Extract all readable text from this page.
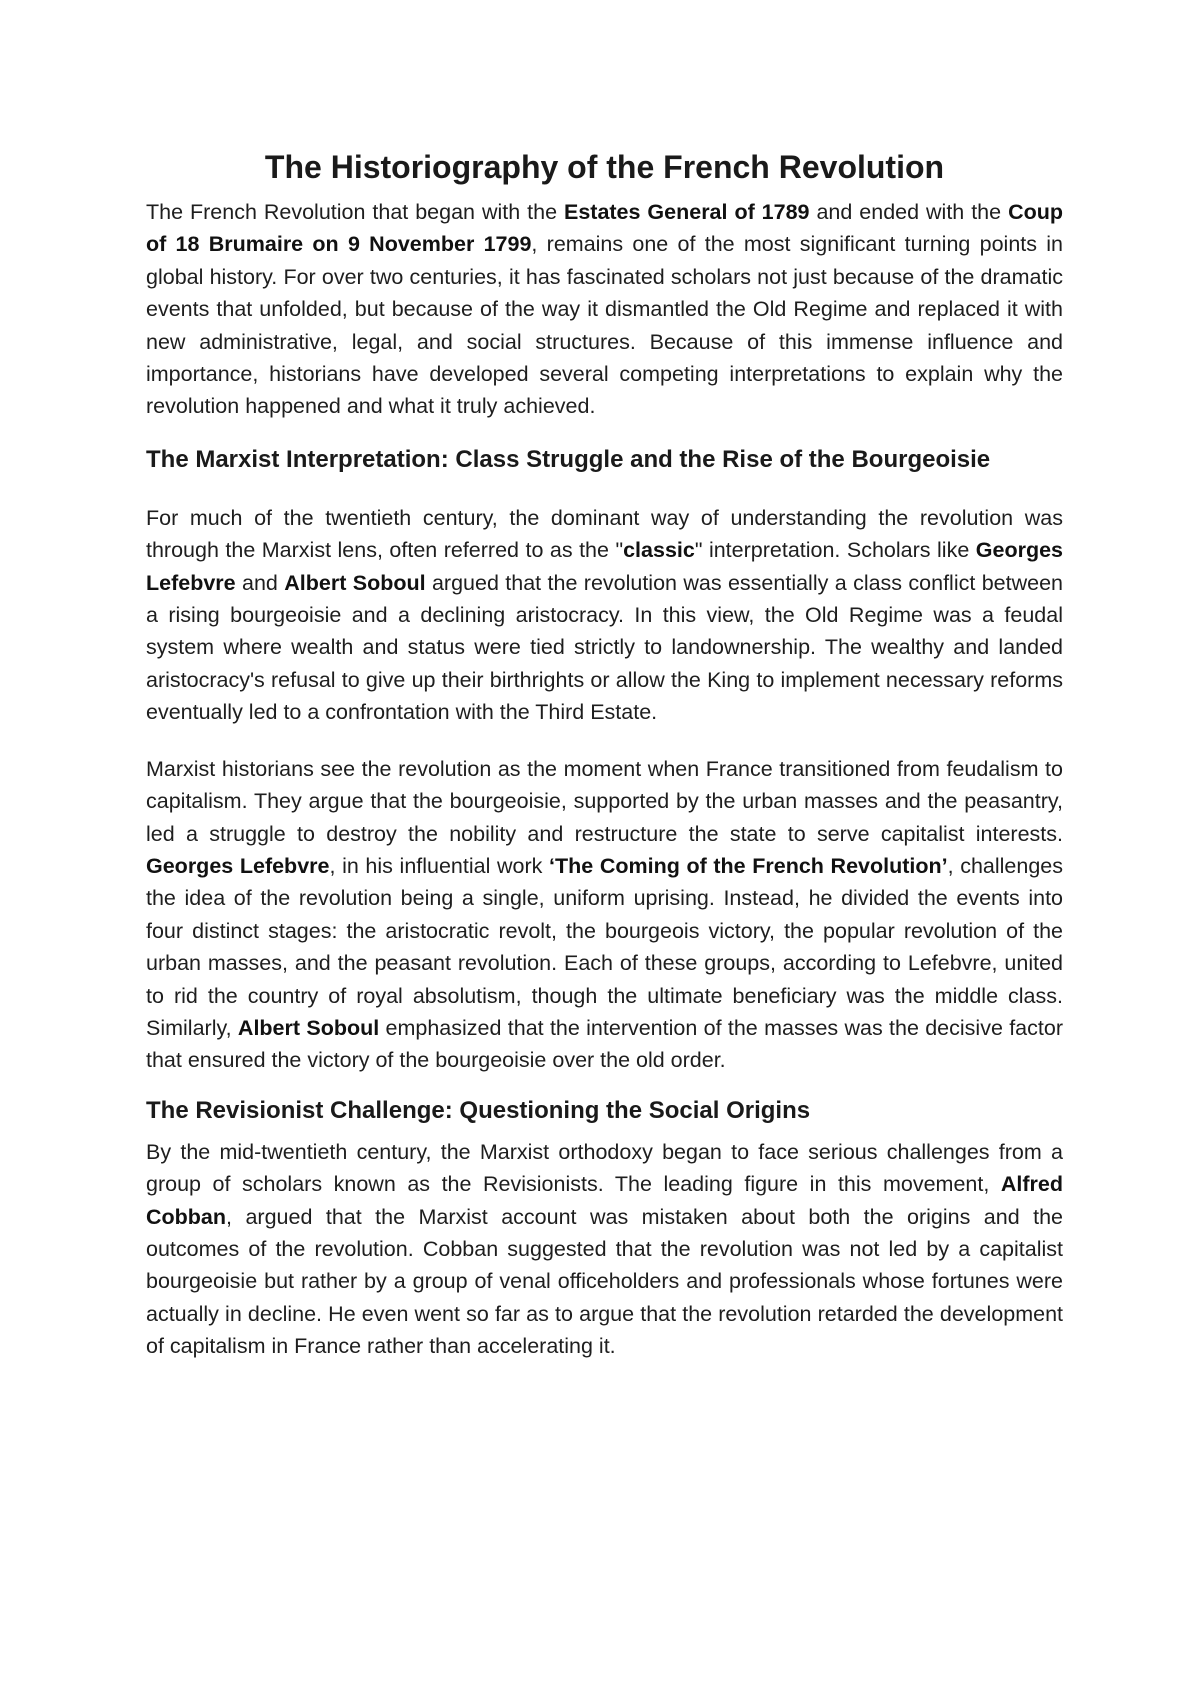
The Historiography of the French Revolution

The French Revolution that began with the Estates General of 1789 and ended with the Coup of 18 Brumaire on 9 November 1799, remains one of the most significant turning points in global history. For over two centuries, it has fascinated scholars not just because of the dramatic events that unfolded, but because of the way it dismantled the Old Regime and replaced it with new administrative, legal, and social structures. Because of this immense influence and importance, historians have developed several competing interpretations to explain why the revolution happened and what it truly achieved.

The Marxist Interpretation: Class Struggle and the Rise of the Bourgeoisie

For much of the twentieth century, the dominant way of understanding the revolution was through the Marxist lens, often referred to as the "classic" interpretation. Scholars like Georges Lefebvre and Albert Soboul argued that the revolution was essentially a class conflict between a rising bourgeoisie and a declining aristocracy. In this view, the Old Regime was a feudal system where wealth and status were tied strictly to landownership. The wealthy and landed aristocracy's refusal to give up their birthrights or allow the King to implement necessary reforms eventually led to a confrontation with the Third Estate.

Marxist historians see the revolution as the moment when France transitioned from feudalism to capitalism. They argue that the bourgeoisie, supported by the urban masses and the peasantry, led a struggle to destroy the nobility and restructure the state to serve capitalist interests. Georges Lefebvre, in his influential work ‘The Coming of the French Revolution’, challenges the idea of the revolution being a single, uniform uprising. Instead, he divided the events into four distinct stages: the aristocratic revolt, the bourgeois victory, the popular revolution of the urban masses, and the peasant revolution. Each of these groups, according to Lefebvre, united to rid the country of royal absolutism, though the ultimate beneficiary was the middle class. Similarly, Albert Soboul emphasized that the intervention of the masses was the decisive factor that ensured the victory of the bourgeoisie over the old order.

The Revisionist Challenge: Questioning the Social Origins

By the mid-twentieth century, the Marxist orthodoxy began to face serious challenges from a group of scholars known as the Revisionists. The leading figure in this movement, Alfred Cobban, argued that the Marxist account was mistaken about both the origins and the outcomes of the revolution. Cobban suggested that the revolution was not led by a capitalist bourgeoisie but rather by a group of venal officeholders and professionals whose fortunes were actually in decline. He even went so far as to argue that the revolution retarded the development of capitalism in France rather than accelerating it.
